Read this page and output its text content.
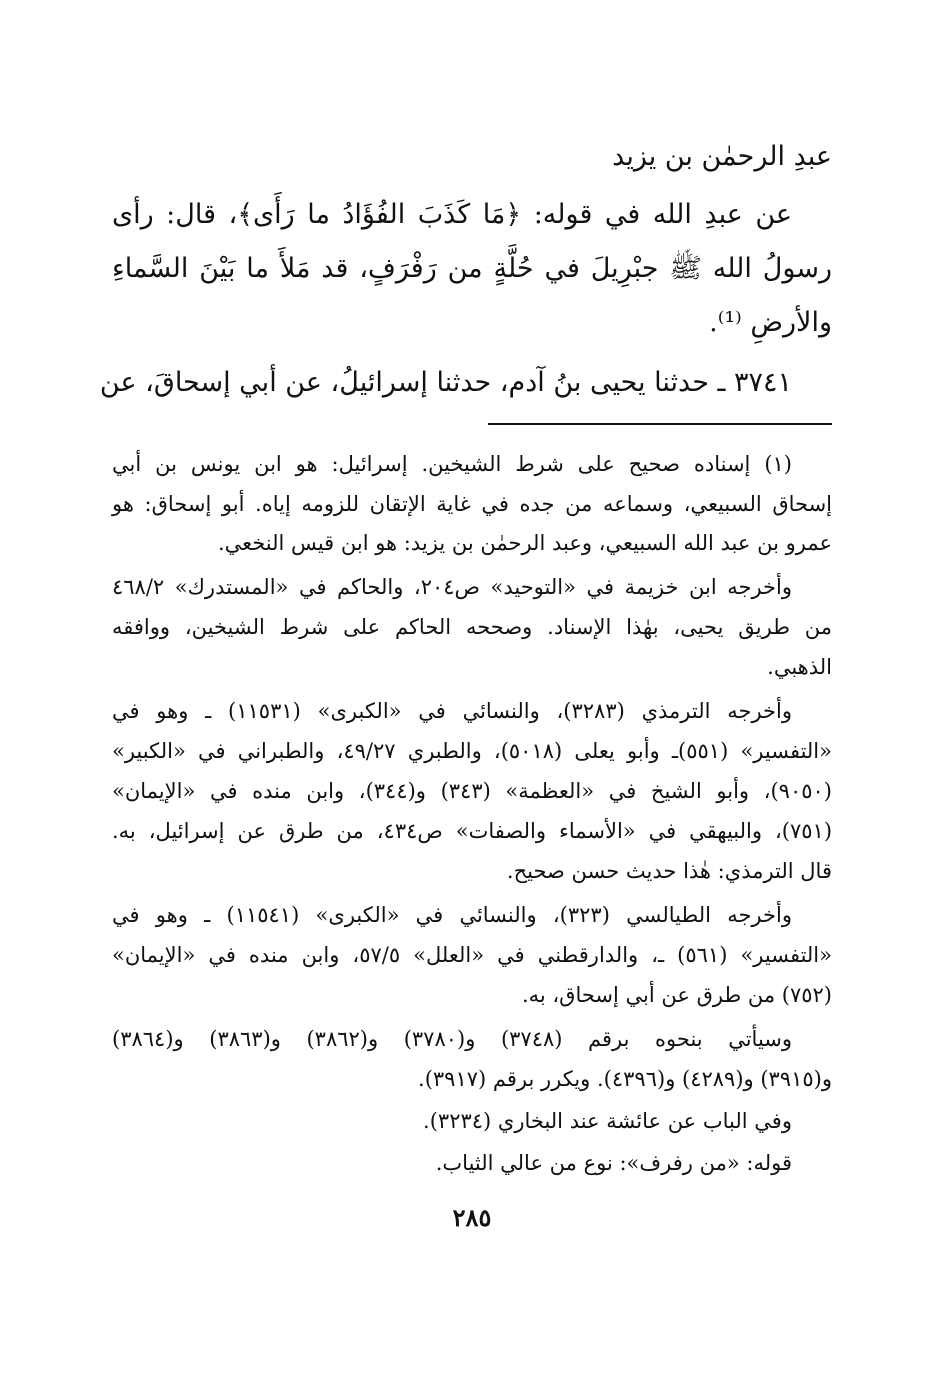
عبدِ الرحمٰن بن يزيد
عن عبدِ الله في قوله: ﴿مَا كَذَبَ الفُؤَادُ ما رَأَى﴾، قال: رأى
رسولُ الله ﷺ جبْرِيلَ في حُلَّةٍ من رَفْرَفٍ، قد مَلأَ ما بَيْنَ السَّماءِ
والأرضِ ⁽¹⁾.
٣٧٤١ ـ حدثنا يحيى بنُ آدم، حدثنا إسرائيلُ، عن أبي إسحاقَ، عن
(١) إسناده صحيح على شرط الشيخين. إسرائيل: هو ابن يونس بن أبي
إسحاق السبيعي، وسماعه من جده في غاية الإتقان للزومه إياه. أبو إسحاق: هو
عمرو بن عبد الله السبيعي، وعبد الرحمٰن بن يزيد: هو ابن قيس النخعي.
وأخرجه ابن خزيمة في «التوحيد» ص٢٠٤، والحاكم في «المستدرك» ٤٦٨/٢
من طريق يحيى، بهٰذا الإسناد. وصححه الحاكم على شرط الشيخين، ووافقه
الذهبي.
وأخرجه الترمذي (٣٢٨٣)، والنسائي في «الكبرى» (١١٥٣١) ـ وهو في
«التفسير» (٥٥١)ـ وأبو يعلى (٥٠١٨)، والطبري ٤٩/٢٧، والطبراني في «الكبير»
(٩٠٥٠)، وأبو الشيخ في «العظمة» (٣٤٣) و(٣٤٤)، وابن منده في «الإيمان»
(٧٥١)، والبيهقي في «الأسماء والصفات» ص٤٣٤، من طرق عن إسرائيل، به.
قال الترمذي: هٰذا حديث حسن صحيح.
وأخرجه الطيالسي (٣٢٣)، والنسائي في «الكبرى» (١١٥٤١) ـ وهو في
«التفسير» (٥٦١) ـ، والدارقطني في «العلل» ٥٧/٥، وابن منده في «الإيمان»
(٧٥٢) من طرق عن أبي إسحاق، به.
وسيأتي بنحوه برقم (٣٧٤٨) و(٣٧٨٠) و(٣٨٦٢) و(٣٨٦٣) و(٣٨٦٤)
و(٣٩١٥) و(٤٢٨٩) و(٤٣٩٦). ويكرر برقم (٣٩١٧).
وفي الباب عن عائشة عند البخاري (٣٢٣٤).
قوله: «من رفرف»: نوع من عالي الثياب.
٢٨٥
